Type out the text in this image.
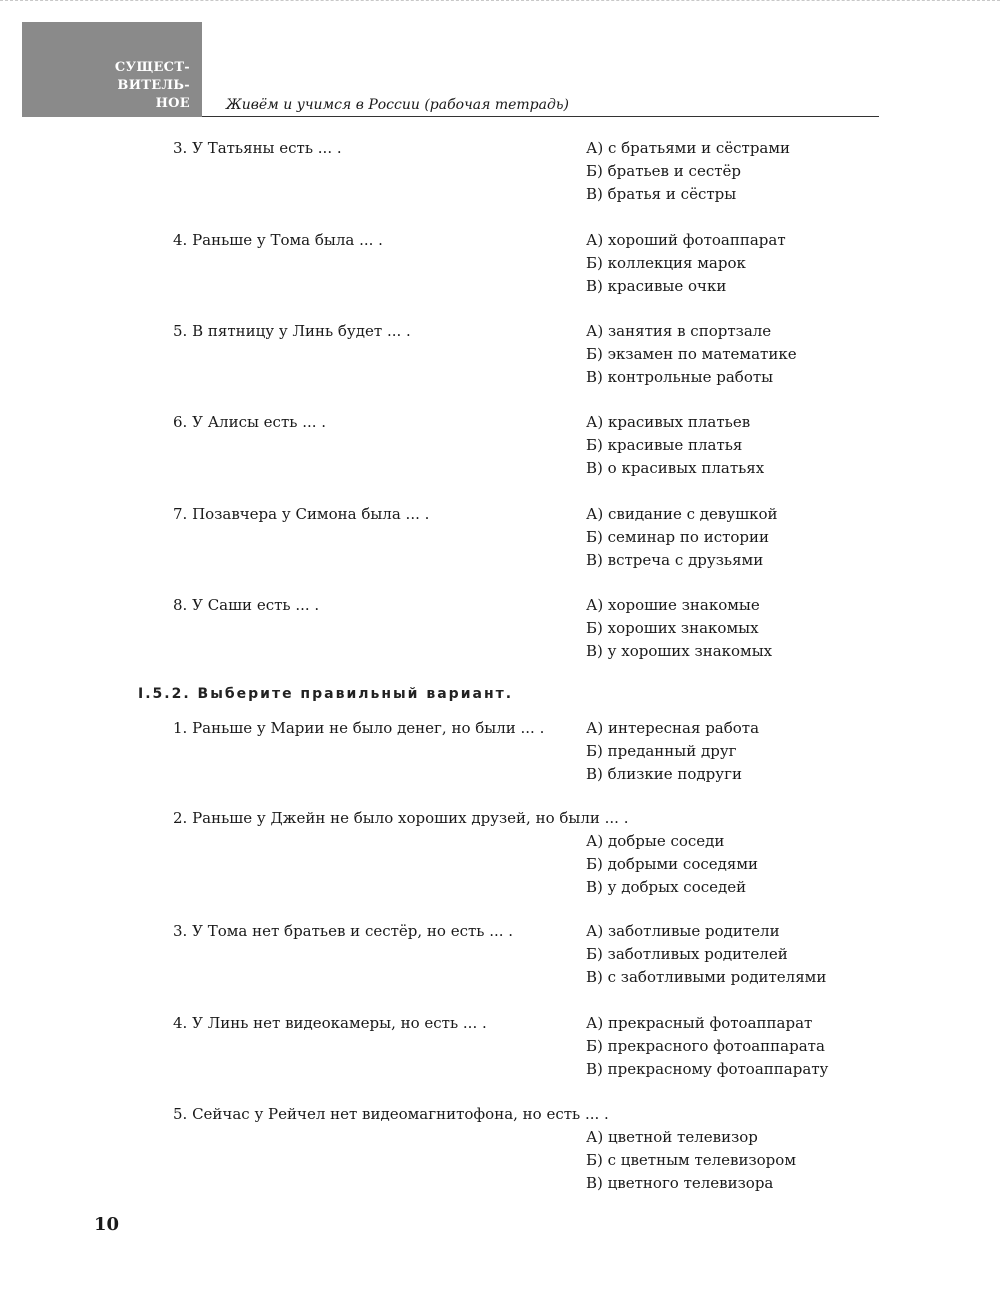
СУЩЕСТ-
ВИТЕЛЬ-
НОЕ	Живём и учимся в России (рабочая тетрадь)
3. У Татьяны есть ... .	А) с братьями и сёстрами
Б) братьев и сестёр
В) братья и сёстры
4. Раньше у Тома была ... .	А) хороший фотоаппарат
Б) коллекция марок
В) красивые очки
5. В пятницу у Линь будет ... .	А) занятия в спортзале
Б) экзамен по математике
В) контрольные работы
6. У Алисы есть ... .	А) красивых платьев
Б) красивые платья
В) о красивых платьях
7. Позавчера у Симона была ... .	А) свидание с девушкой
Б) семинар по истории
В) встреча с друзьями
8. У Саши есть ... .	А) хорошие знакомые
Б) хороших знакомых
В) у хороших знакомых
I.5.2. Выберите правильный вариант.
1. Раньше у Марии не было денег, но были ... .	А) интересная работа
Б) преданный друг
В) близкие подруги
2. Раньше у Джейн не было хороших друзей, но были ... .
А) добрые соседи
Б) добрыми соседями
В) у добрых соседей
3. У Тома нет братьев и сестёр, но есть ... .	А) заботливые родители
Б) заботливых родителей
В) с заботливыми родителями
4. У Линь нет видеокамеры, но есть ... .	А) прекрасный фотоаппарат
Б) прекрасного фотоаппарата
В) прекрасному фотоаппарату
5. Сейчас у Рейчел нет видеомагнитофона, но есть ... .
А) цветной телевизор
Б) с цветным телевизором
В) цветного телевизора
10
